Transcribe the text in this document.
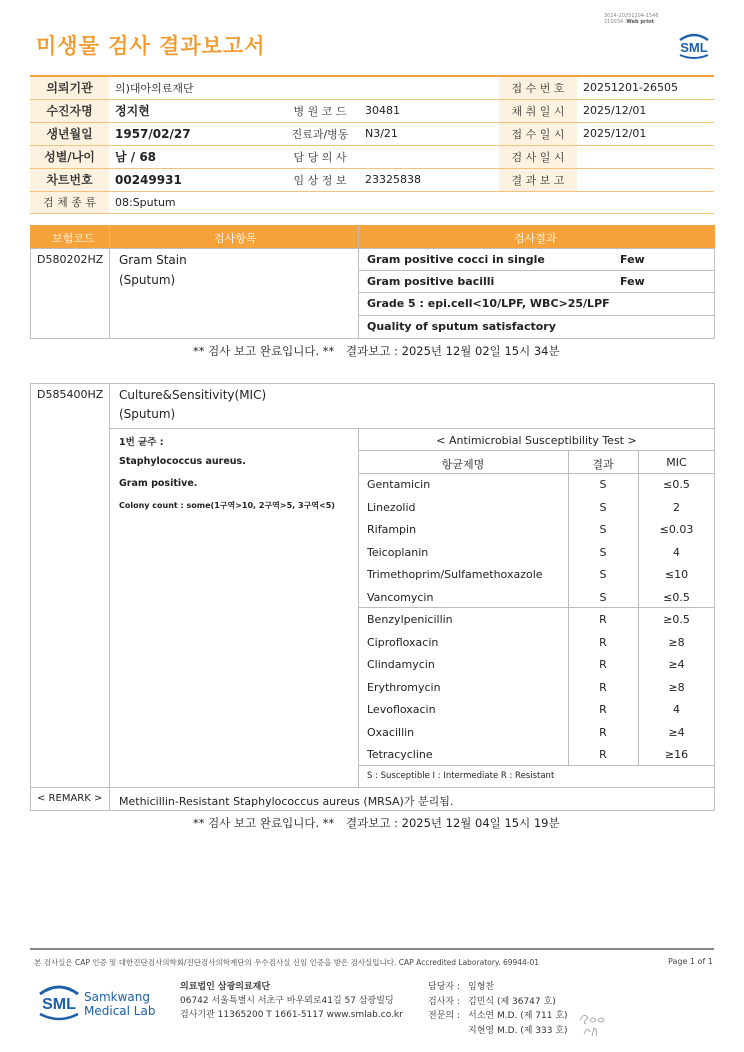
미생물 검사 결과보고서
3014-20251204-1546
210034 Web print
SML
의뢰기관	의)대아의료재단			접 수 번 호	20251201-26505
수진자명	정지현	병 원 코 드	30481	채 취 일 시	2025/12/01
생년월일	1957/02/27	진료과/병동	N3/21	접 수 일 시	2025/12/01
성별/나이	남 / 68	담 당 의 사		검 사 일 시	
차트번호	00249931	임 상 정 보	23325838	결 과 보 고	
검 체 종 류	08:Sputum				
보험코드	검사항목	검사결과
D580202HZ Gram Stain
(Sputum)
Gram positive cocci in single	Few
Gram positive bacilli	Few
Grade 5 : epi.cell<10/LPF, WBC>25/LPF
Quality of sputum satisfactory
** 검사 보고 완료입니다. ** 결과보고 : 2025년 12월 02일 15시 34분
D585400HZ Culture&Sensitivity(MIC)
(Sputum)
1번 균주 :
Staphylococcus aureus.
Gram positive.
Colony count : some(1구역>10, 2구역>5, 3구역<5)
< Antimicrobial Susceptibility Test >
항균제명	결과	MIC
Gentamicin	S	≤0.5
Linezolid	S	2
Rifampin	S	≤0.03
Teicoplanin	S	4
Trimethoprim/Sulfamethoxazole	S	≤10
Vancomycin	S	≤0.5
Benzylpenicillin	R	≥0.5
Ciprofloxacin	R	≥8
Clindamycin	R	≥4
Erythromycin	R	≥8
Levofloxacin	R	4
Oxacillin	R	≥4
Tetracycline	R	≥16
S : Susceptible I : Intermediate R : Resistant
< REMARK > Methicillin-Resistant Staphylococcus aureus (MRSA)가 분리됨.
** 검사 보고 완료입니다. ** 결과보고 : 2025년 12월 04일 15시 19분
본 검사실은 CAP 인증 및 대한진단검사의학회/진단검사의학재단의 우수검사실 신임 인증을 받은 검사실입니다. CAP Accredited Laboratory. 69944-01	Page 1 of 1
SML Samkwang
Medical Lab
의료법인 삼광의료재단
06742 서울특별시 서초구 바우뫼로41길 57 삼광빌딩
검사기관 11365200 T 1661-5117 www.smlab.co.kr
담당자 : 임형찬
검사자 : 김민식 (제 36747 호)
전문의 : 서소연 M.D. (제 711 호)
지현영 M.D. (제 333 호)
